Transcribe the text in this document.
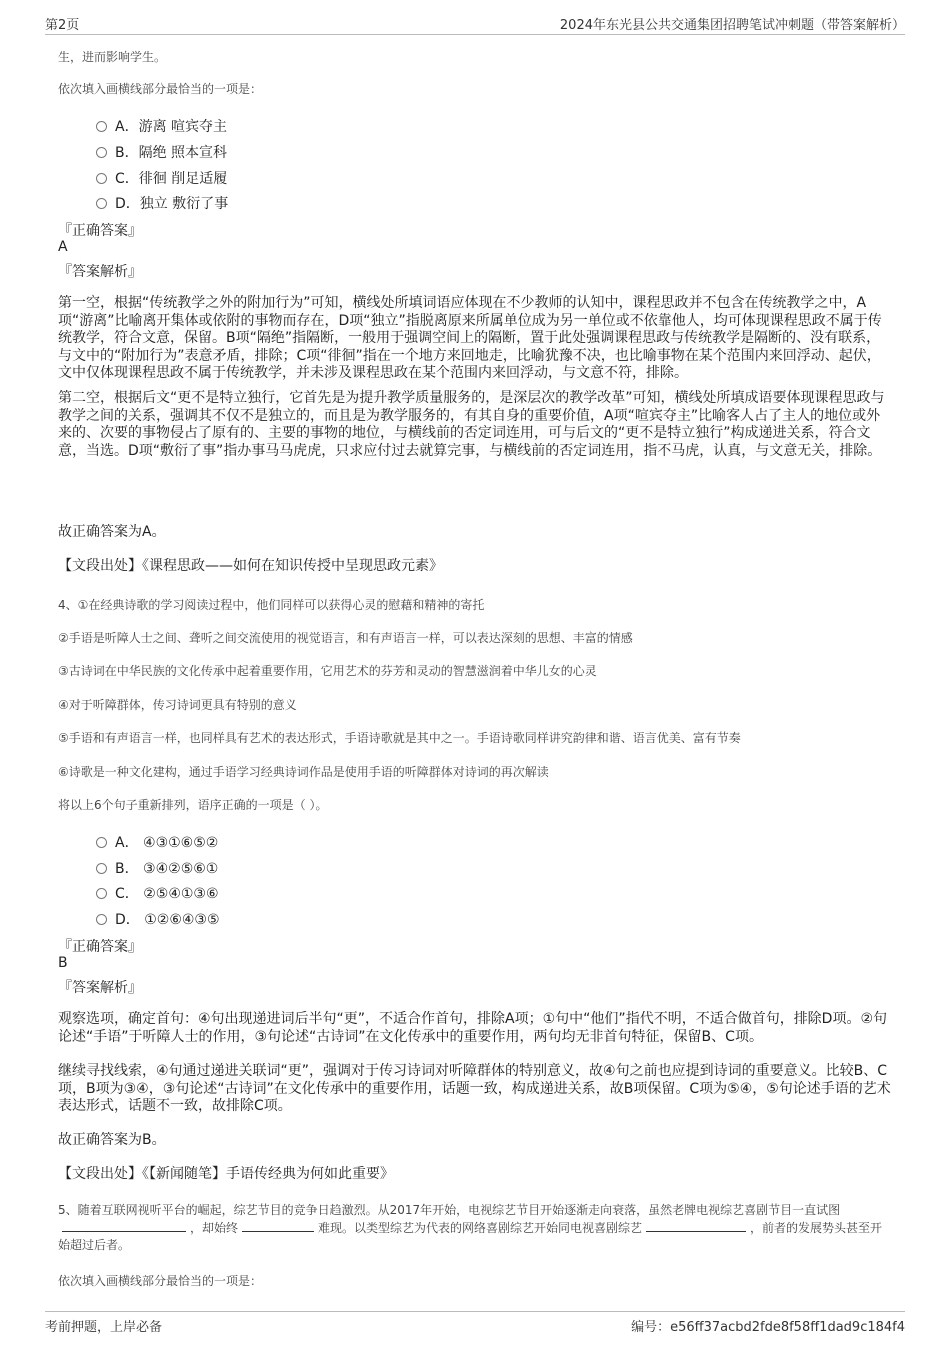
第2页	2024年东光县公共交通集团招聘笔试冲刺题（带答案解析）
生，进而影响学生。
依次填入画横线部分最恰当的一项是：
A．游离 喧宾夺主
B．隔绝 照本宣科
C．徘徊 削足适履
D．独立 敷衍了事
『正确答案』
A
『答案解析』
第一空，根据“传统教学之外的附加行为”可知，横线处所填词语应体现在不少教师的认知中，课程思政并不包含在传统教学之中，A项“游离”比喻离开集体或依附的事物而存在，D项“独立”指脱离原来所属单位成为另一单位或不依靠他人，均可体现课程思政不属于传统教学，符合文意，保留。B项“隔绝”指隔断，一般用于强调空间上的隔断，置于此处强调课程思政与传统教学是隔断的、没有联系，与文中的“附加行为”表意矛盾，排除；C项“徘徊”指在一个地方来回地走，比喻犹豫不决，也比喻事物在某个范围内来回浮动、起伏，文中仅体现课程思政不属于传统教学，并未涉及课程思政在某个范围内来回浮动，与文意不符，排除。
第二空，根据后文“更不是特立独行，它首先是为提升教学质量服务的，是深层次的教学改革”可知，横线处所填成语要体现课程思政与教学之间的关系，强调其不仅不是独立的，而且是为教学服务的，有其自身的重要价值，A项“喧宾夺主”比喻客人占了主人的地位或外来的、次要的事物侵占了原有的、主要的事物的地位，与横线前的否定词连用，可与后文的“更不是特立独行”构成递进关系，符合文意，当选。D项“敷衍了事”指办事马马虎虎，只求应付过去就算完事，与横线前的否定词连用，指不马虎，认真，与文意无关，排除。
故正确答案为A。
【文段出处】《课程思政——如何在知识传授中呈现思政元素》
4、①在经典诗歌的学习阅读过程中，他们同样可以获得心灵的慰藉和精神的寄托
②手语是听障人士之间、聋听之间交流使用的视觉语言，和有声语言一样，可以表达深刻的思想、丰富的情感
③古诗词在中华民族的文化传承中起着重要作用，它用艺术的芬芳和灵动的智慧滋润着中华儿女的心灵
④对于听障群体，传习诗词更具有特别的意义
⑤手语和有声语言一样，也同样具有艺术的表达形式，手语诗歌就是其中之一。手语诗歌同样讲究韵律和谐、语言优美、富有节奏
⑥诗歌是一种文化建构，通过手语学习经典诗词作品是使用手语的听障群体对诗词的再次解读
将以上6个句子重新排列，语序正确的一项是（ ）。
A． ④③①⑥⑤②
B． ③④②⑤⑥①
C． ②⑤④①③⑥
D． ①②⑥④③⑤
『正确答案』
B
『答案解析』
观察选项，确定首句：④句出现递进词后半句“更”，不适合作首句，排除A项；①句中“他们”指代不明，不适合做首句，排除D项。②句论述“手语”于听障人士的作用，③句论述“古诗词”在文化传承中的重要作用，两句均无非首句特征，保留B、C项。
继续寻找线索，④句通过递进关联词“更”，强调对于传习诗词对听障群体的特别意义，故④句之前也应提到诗词的重要意义。比较B、C项，B项为③④，③句论述“古诗词”在文化传承中的重要作用，话题一致，构成递进关系，故B项保留。C项为⑤④，⑤句论述手语的艺术表达形式，话题不一致，故排除C项。
故正确答案为B。
【文段出处】《【新闻随笔】手语传经典为何如此重要》
5、随着互联网视听平台的崛起，综艺节目的竞争日趋激烈。从2017年开始，电视综艺节目开始逐渐走向衰落，虽然老牌电视综艺喜剧节目一直试图，却始终	难现。以类型综艺为代表的网络喜剧综艺开始同电视喜剧综艺	，前者的发展势头甚至开始超过后者。
依次填入画横线部分最恰当的一项是：
考前押题，上岸必备	编号：e56ff37acbd2fde8f58ff1dad9c184f4
